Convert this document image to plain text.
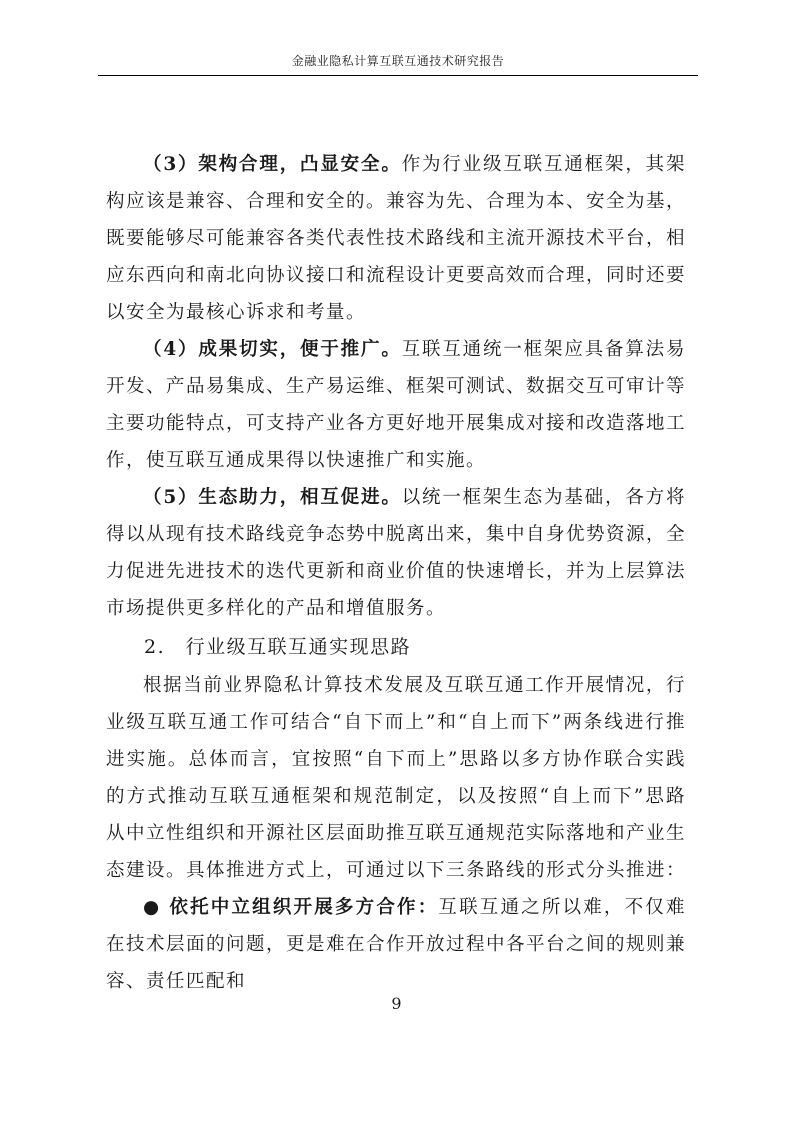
金融业隐私计算互联互通技术研究报告

（3）架构合理，凸显安全。作为行业级互联互通框架，其架构应该是兼容、合理和安全的。兼容为先、合理为本、安全为基，既要能够尽可能兼容各类代表性技术路线和主流开源技术平台，相应东西向和南北向协议接口和流程设计更要高效而合理，同时还要以安全为最核心诉求和考量。

（4）成果切实，便于推广。互联互通统一框架应具备算法易开发、产品易集成、生产易运维、框架可测试、数据交互可审计等主要功能特点，可支持产业各方更好地开展集成对接和改造落地工作，使互联互通成果得以快速推广和实施。

（5）生态助力，相互促进。以统一框架生态为基础，各方将得以从现有技术路线竞争态势中脱离出来，集中自身优势资源，全力促进先进技术的迭代更新和商业价值的快速增长，并为上层算法市场提供更多样化的产品和增值服务。

2.　行业级互联互通实现思路

根据当前业界隐私计算技术发展及互联互通工作开展情况，行业级互联互通工作可结合“自下而上”和“自上而下”两条线进行推进实施。总体而言，宜按照“自下而上”思路以多方协作联合实践的方式推动互联互通框架和规范制定，以及按照“自上而下”思路从中立性组织和开源社区层面助推互联互通规范实际落地和产业生态建设。具体推进方式上，可通过以下三条路线的形式分头推进：

● 依托中立组织开展多方合作：互联互通之所以难，不仅难在技术层面的问题，更是难在合作开放过程中各平台之间的规则兼容、责任匹配和

9
